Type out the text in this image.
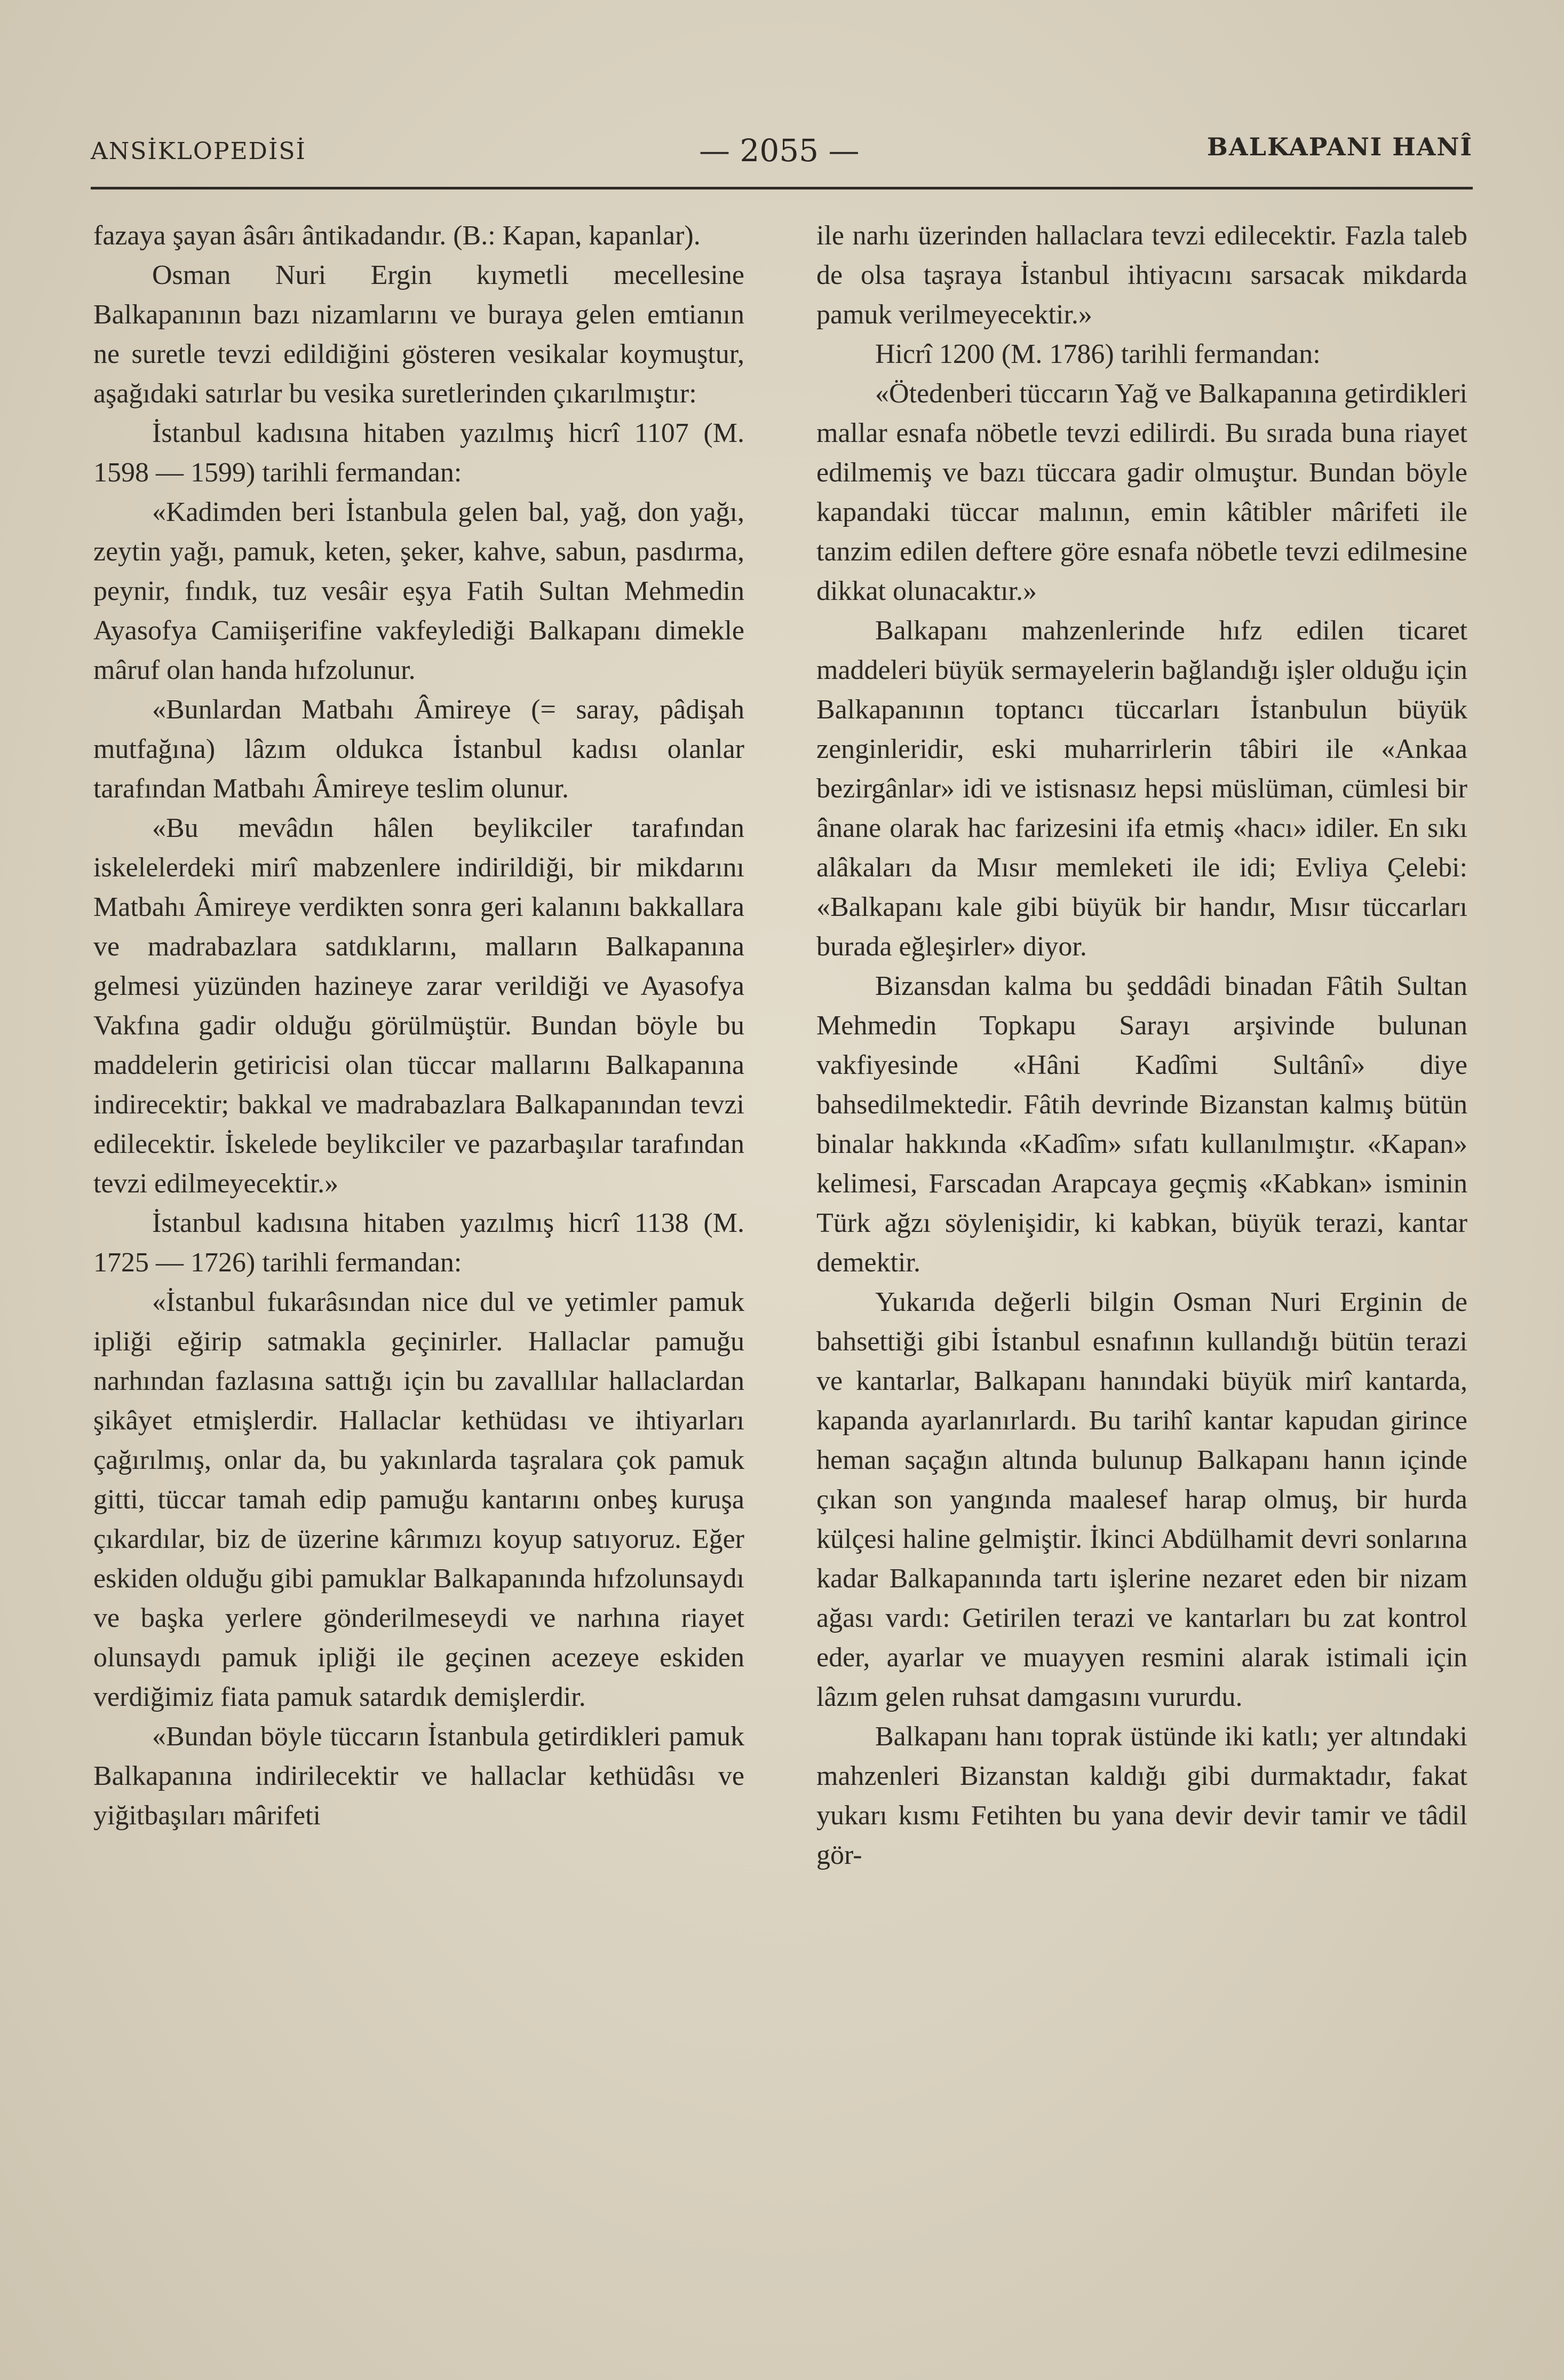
ANSİKLOPEDİSİ	— 2055 —	BALKAPANI HANÎ

fazaya şayan âsârı ântikadandır. (B.: Kapan, kapanlar).

Osman Nuri Ergin kıymetli mecellesine Balkapanının bazı nizamlarını ve buraya gelen emtianın ne suretle tevzi edildiğini gösteren vesikalar koymuştur, aşağıdaki satırlar bu vesika suretlerinden çıkarılmıştır:

İstanbul kadısına hitaben yazılmış hicrî 1107 (M. 1598 — 1599) tarihli fermandan:

«Kadimden beri İstanbula gelen bal, yağ, don yağı, zeytin yağı, pamuk, keten, şeker, kahve, sabun, pasdırma, peynir, fındık, tuz vesâir eşya Fatih Sultan Mehmedin Ayasofya Camiişerifine vakfeylediği Balkapanı dimekle mâruf olan handa hıfzolunur.

«Bunlardan Matbahı Âmireye (= saray, pâdişah mutfağına) lâzım oldukca İstanbul kadısı olanlar tarafından Matbahı Âmireye teslim olunur.

«Bu mevâdın hâlen beylikciler tarafından iskelelerdeki mirî mabzenlere indirildiği, bir mikdarını Matbahı Âmireye verdikten sonra geri kalanını bakkallara ve madrabazlara satdıklarını, malların Balkapanına gelmesi yüzünden hazineye zarar verildiği ve Ayasofya Vakfına gadir olduğu görülmüştür. Bundan böyle bu maddelerin getiricisi olan tüccar mallarını Balkapanına indirecektir; bakkal ve madrabazlara Balkapanından tevzi edilecektir. İskelede beylikciler ve pazarbaşılar tarafından tevzi edilmeyecektir.»

İstanbul kadısına hitaben yazılmış hicrî 1138 (M. 1725 — 1726) tarihli fermandan:

«İstanbul fukarâsından nice dul ve yetimler pamuk ipliği eğirip satmakla geçinirler. Hallaclar pamuğu narhından fazlasına sattığı için bu zavallılar hallaclardan şikâyet etmişlerdir. Hallaclar kethüdası ve ihtiyarları çağırılmış, onlar da, bu yakınlarda taşralara çok pamuk gitti, tüccar tamah edip pamuğu kantarını onbeş kuruşa çıkardılar, biz de üzerine kârımızı koyup satıyoruz. Eğer eskiden olduğu gibi pamuklar Balkapanında hıfzolunsaydı ve başka yerlere gönderilmeseydi ve narhına riayet olunsaydı pamuk ipliği ile geçinen acezeye eskiden verdiğimiz fiata pamuk satardık demişlerdir.

«Bundan böyle tüccarın İstanbula getirdikleri pamuk Balkapanına indirilecektir ve hallaclar kethüdâsı ve yiğitbaşıları mârifeti

ile narhı üzerinden hallaclara tevzi edilecektir. Fazla taleb de olsa taşraya İstanbul ihtiyacını sarsacak mikdarda pamuk verilmeyecektir.»

Hicrî 1200 (M. 1786) tarihli fermandan:

«Ötedenberi tüccarın Yağ ve Balkapanına getirdikleri mallar esnafa nöbetle tevzi edilirdi. Bu sırada buna riayet edilmemiş ve bazı tüccara gadir olmuştur. Bundan böyle kapandaki tüccar malının, emin kâtibler mârifeti ile tanzim edilen deftere göre esnafa nöbetle tevzi edilmesine dikkat olunacaktır.»

Balkapanı mahzenlerinde hıfz edilen ticaret maddeleri büyük sermayelerin bağlandığı işler olduğu için Balkapanının toptancı tüccarları İstanbulun büyük zenginleridir, eski muharrirlerin tâbiri ile «Ankaa bezirgânlar» idi ve istisnasız hepsi müslüman, cümlesi bir ânane olarak hac farizesini ifa etmiş «hacı» idiler. En sıkı alâkaları da Mısır memleketi ile idi; Evliya Çelebi: «Balkapanı kale gibi büyük bir handır, Mısır tüccarları burada eğleşirler» diyor.

Bizansdan kalma bu şeddâdi binadan Fâtih Sultan Mehmedin Topkapu Sarayı arşivinde bulunan vakfiyesinde «Hâni Kadîmi Sultânî» diye bahsedilmektedir. Fâtih devrinde Bizanstan kalmış bütün binalar hakkında «Kadîm» sıfatı kullanılmıştır. «Kapan» kelimesi, Farscadan Arapcaya geçmiş «Kabkan» isminin Türk ağzı söylenişidir, ki kabkan, büyük terazi, kantar demektir.

Yukarıda değerli bilgin Osman Nuri Erginin de bahsettiği gibi İstanbul esnafının kullandığı bütün terazi ve kantarlar, Balkapanı hanındaki büyük mirî kantarda, kapanda ayarlanırlardı. Bu tarihî kantar kapudan girince heman saçağın altında bulunup Balkapanı hanın içinde çıkan son yangında maalesef harap olmuş, bir hurda külçesi haline gelmiştir. İkinci Abdülhamit devri sonlarına kadar Balkapanında tartı işlerine nezaret eden bir nizam ağası vardı: Getirilen terazi ve kantarları bu zat kontrol eder, ayarlar ve muayyen resmini alarak istimali için lâzım gelen ruhsat damgasını vururdu.

Balkapanı hanı toprak üstünde iki katlı; yer altındaki mahzenleri Bizanstan kaldığı gibi durmaktadır, fakat yukarı kısmı Fetihten bu yana devir devir tamir ve tâdil gör-
